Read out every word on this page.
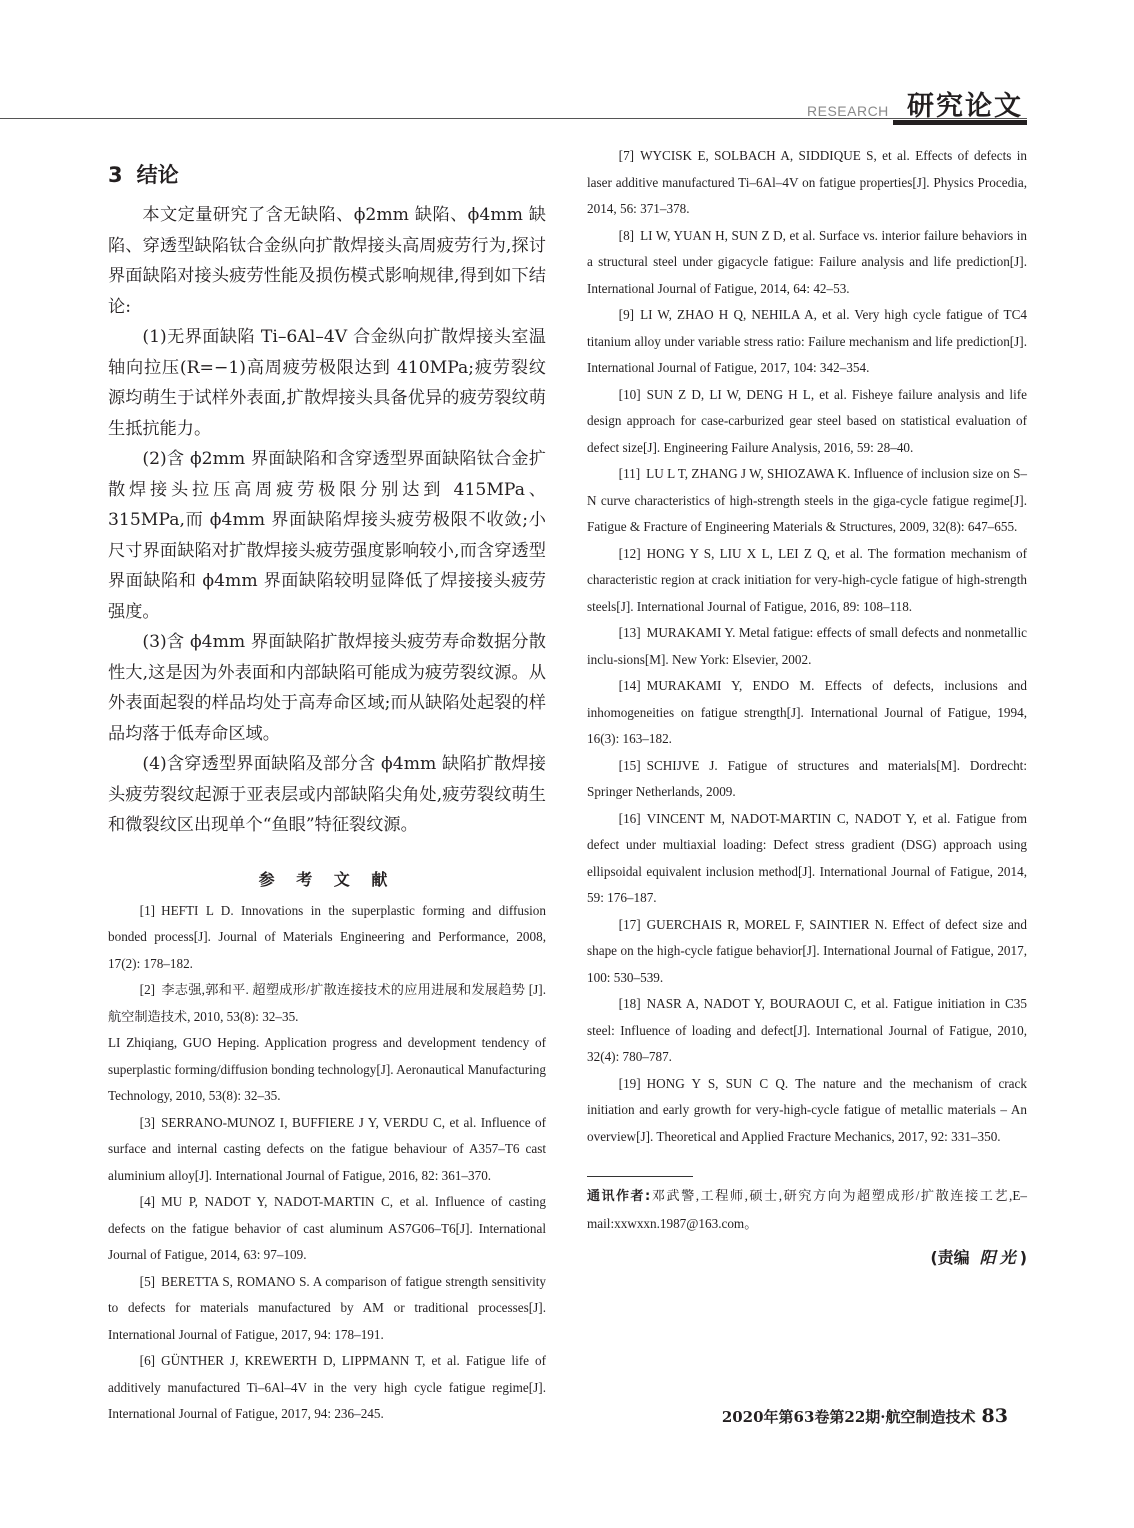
RESEARCH 研究论文
3 结论

本文定量研究了含无缺陷、ϕ2mm 缺陷、ϕ4mm 缺陷、穿透型缺陷钛合金纵向扩散焊接头高周疲劳行为,探讨界面缺陷对接头疲劳性能及损伤模式影响规律,得到如下结论:

(1)无界面缺陷 Ti–6Al–4V 合金纵向扩散焊接头室温轴向拉压(R=−1)高周疲劳极限达到 410MPa;疲劳裂纹源均萌生于试样外表面,扩散焊接头具备优异的疲劳裂纹萌生抵抗能力。

(2)含 ϕ2mm 界面缺陷和含穿透型界面缺陷钛合金扩散焊接头拉压高周疲劳极限分别达到 415MPa、315MPa,而 ϕ4mm 界面缺陷焊接头疲劳极限不收敛;小尺寸界面缺陷对扩散焊接头疲劳强度影响较小,而含穿透型界面缺陷和 ϕ4mm 界面缺陷较明显降低了焊接接头疲劳强度。

(3)含 ϕ4mm 界面缺陷扩散焊接头疲劳寿命数据分散性大,这是因为外表面和内部缺陷可能成为疲劳裂纹源。从外表面起裂的样品均处于高寿命区域;而从缺陷处起裂的样品均落于低寿命区域。

(4)含穿透型界面缺陷及部分含 ϕ4mm 缺陷扩散焊接头疲劳裂纹起源于亚表层或内部缺陷尖角处,疲劳裂纹萌生和微裂纹区出现单个“鱼眼”特征裂纹源。

参 考 文 献

[1] HEFTI L D. Innovations in the superplastic forming and diffusion bonded process[J]. Journal of Materials Engineering and Performance, 2008, 17(2): 178–182.

[2] 李志强,郭和平. 超塑成形/扩散连接技术的应用进展和发展趋势 [J]. 航空制造技术, 2010, 53(8): 32–35.

LI Zhiqiang, GUO Heping. Application progress and development tendency of superplastic forming/diffusion bonding technology[J]. Aeronautical Manufacturing Technology, 2010, 53(8): 32–35.

[3] SERRANO-MUNOZ I, BUFFIERE J Y, VERDU C, et al. Influence of surface and internal casting defects on the fatigue behaviour of A357–T6 cast aluminium alloy[J]. International Journal of Fatigue, 2016, 82: 361–370.

[4] MU P, NADOT Y, NADOT-MARTIN C, et al. Influence of casting defects on the fatigue behavior of cast aluminum AS7G06–T6[J]. International Journal of Fatigue, 2014, 63: 97–109.

[5] BERETTA S, ROMANO S. A comparison of fatigue strength sensitivity to defects for materials manufactured by AM or traditional processes[J]. International Journal of Fatigue, 2017, 94: 178–191.

[6] GÜNTHER J, KREWERTH D, LIPPMANN T, et al. Fatigue life of additively manufactured Ti–6Al–4V in the very high cycle fatigue regime[J]. International Journal of Fatigue, 2017, 94: 236–245.

[7] WYCISK E, SOLBACH A, SIDDIQUE S, et al. Effects of defects in laser additive manufactured Ti–6Al–4V on fatigue properties[J]. Physics Procedia, 2014, 56: 371–378.

[8] LI W, YUAN H, SUN Z D, et al. Surface vs. interior failure behaviors in a structural steel under gigacycle fatigue: Failure analysis and life prediction[J]. International Journal of Fatigue, 2014, 64: 42–53.

[9] LI W, ZHAO H Q, NEHILA A, et al. Very high cycle fatigue of TC4 titanium alloy under variable stress ratio: Failure mechanism and life prediction[J]. International Journal of Fatigue, 2017, 104: 342–354.

[10] SUN Z D, LI W, DENG H L, et al. Fisheye failure analysis and life design approach for case-carburized gear steel based on statistical evaluation of defect size[J]. Engineering Failure Analysis, 2016, 59: 28–40.

[11] LU L T, ZHANG J W, SHIOZAWA K. Influence of inclusion size on S–N curve characteristics of high-strength steels in the giga-cycle fatigue regime[J]. Fatigue & Fracture of Engineering Materials & Structures, 2009, 32(8): 647–655.

[12] HONG Y S, LIU X L, LEI Z Q, et al. The formation mechanism of characteristic region at crack initiation for very-high-cycle fatigue of high-strength steels[J]. International Journal of Fatigue, 2016, 89: 108–118.

[13] MURAKAMI Y. Metal fatigue: effects of small defects and nonmetallic inclu-sions[M]. New York: Elsevier, 2002.

[14] MURAKAMI Y, ENDO M. Effects of defects, inclusions and inhomogeneities on fatigue strength[J]. International Journal of Fatigue, 1994, 16(3): 163–182.

[15] SCHIJVE J. Fatigue of structures and materials[M]. Dordrecht: Springer Netherlands, 2009.

[16] VINCENT M, NADOT-MARTIN C, NADOT Y, et al. Fatigue from defect under multiaxial loading: Defect stress gradient (DSG) approach using ellipsoidal equivalent inclusion method[J]. International Journal of Fatigue, 2014, 59: 176–187.

[17] GUERCHAIS R, MOREL F, SAINTIER N. Effect of defect size and shape on the high-cycle fatigue behavior[J]. International Journal of Fatigue, 2017, 100: 530–539.

[18] NASR A, NADOT Y, BOURAOUI C, et al. Fatigue initiation in C35 steel: Influence of loading and defect[J]. International Journal of Fatigue, 2010, 32(4): 780–787.

[19] HONG Y S, SUN C Q. The nature and the mechanism of crack initiation and early growth for very-high-cycle fatigue of metallic materials – An overview[J]. Theoretical and Applied Fracture Mechanics, 2017, 92: 331–350.

通讯作者:邓武警,工程师,硕士,研究方向为超塑成形/扩散连接工艺,E–mail:xxwxxn.1987@163.com。

(责编 阳光)
2020年第63卷第22期·航空制造技术 83
